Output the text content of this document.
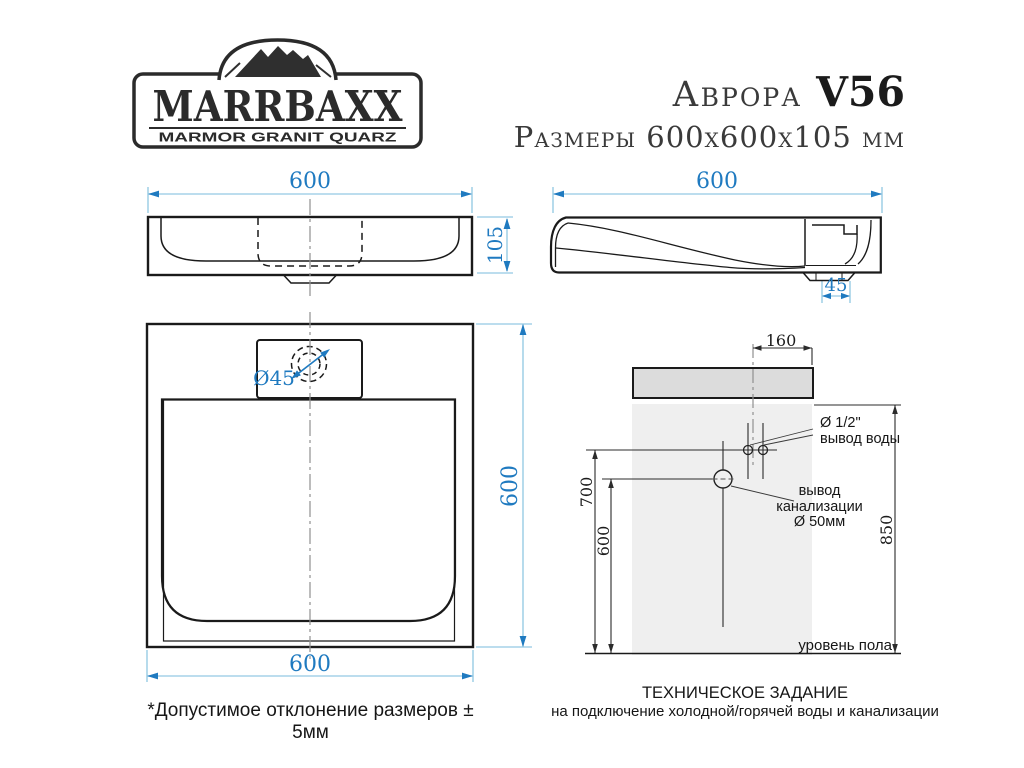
MARRBAXX
MARMOR GRANIT QUARZ
Аврора V56
Размеры 600х600х105 мм
600
105
600
45
Ø45
600
600
160
700
600	850
Ø 1/2"
вывод воды
вывод
канализации
Ø 50мм
уровень пола
ТЕХНИЧЕСКОЕ ЗАДАНИЕ
на подключение холодной/горячей воды и канализации
*Допустимое отклонение размеров ± 5мм
